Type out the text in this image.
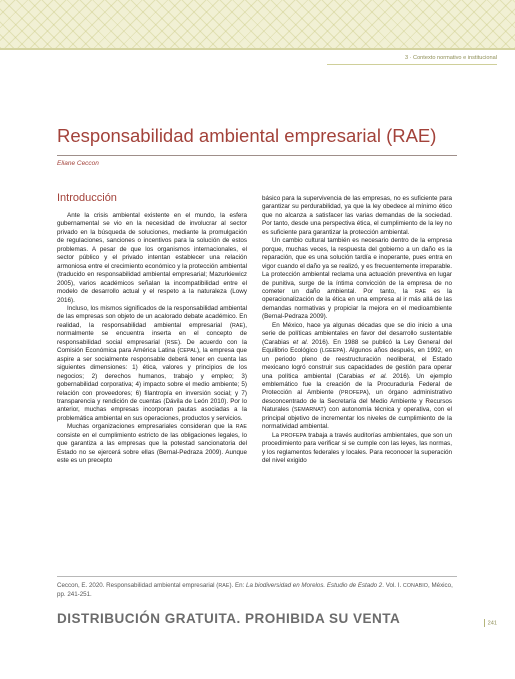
3 · Contexto normativo e institucional
Responsabilidad ambiental empresarial (RAE)
Eliane Ceccon
Introducción

Ante la crisis ambiental existente en el mundo, la esfera gubernamental se vio en la necesidad de involucrar al sector privado en la búsqueda de soluciones, mediante la promulgación de regulaciones, sanciones o incentivos para la solución de estos problemas. A pesar de que los organismos internacionales, el sector público y el privado intentan establecer una relación armoniosa entre el crecimiento económico y la protección ambiental (traducido en responsabilidad ambiental empresarial; Mazurkiewicz 2005), varios académicos señalan la incompatibilidad entre el modelo de desarrollo actual y el respeto a la naturaleza (Lowy 2016).

Incluso, los mismos significados de la responsabilidad ambiental de las empresas son objeto de un acalorado debate académico. En realidad, la responsabilidad ambiental empresarial (RAE), normalmente se encuentra inserta en el concepto de responsabilidad social empresarial (RSE). De acuerdo con la Comisión Económica para América Latina (CEPAL), la empresa que aspire a ser socialmente responsable deberá tener en cuenta las siguientes dimensiones: 1) ética, valores y principios de los negocios; 2) derechos humanos, trabajo y empleo; 3) gobernabilidad corporativa; 4) impacto sobre el medio ambiente; 5) relación con proveedores; 6) filantropía en inversión social; y 7) transparencia y rendición de cuentas (Dávila de León 2010). Por lo anterior, muchas empresas incorporan pautas asociadas a la problemática ambiental en sus operaciones, productos y servicios.

Muchas organizaciones empresariales consideran que la RAE consiste en el cumplimiento estricto de las obligaciones legales, lo que garantiza a las empresas que la potestad sancionatoria del Estado no se ejercerá sobre ellas (Bernal-Pedraza 2009). Aunque este es un precepto

básico para la supervivencia de las empresas, no es suficiente para garantizar su perdurabilidad, ya que la ley obedece al mínimo ético que no alcanza a satisfacer las varias demandas de la sociedad. Por tanto, desde una perspectiva ética, el cumplimiento de la ley no es suficiente para garantizar la protección ambiental.

Un cambio cultural también es necesario dentro de la empresa porque, muchas veces, la respuesta del gobierno a un daño es la reparación, que es una solución tardía e inoperante, pues entra en vigor cuando el daño ya se realizó, y es frecuentemente irreparable. La protección ambiental reclama una actuación preventiva en lugar de punitiva, surge de la íntima convicción de la empresa de no cometer un daño ambiental. Por tanto, la RAE es la operacionalización de la ética en una empresa al ir más allá de las demandas normativas y propiciar la mejora en el medioambiente (Bernal-Pedraza 2009).

En México, hace ya algunas décadas que se dio inicio a una serie de políticas ambientales en favor del desarrollo sustentable (Carabias et al. 2016). En 1988 se publicó la Ley General del Equilibrio Ecológico (LGEEPA). Algunos años después, en 1992, en un periodo pleno de reestructuración neoliberal, el Estado mexicano logró construir sus capacidades de gestión para operar una política ambiental (Carabias et al. 2016). Un ejemplo emblemático fue la creación de la Procuraduría Federal de Protección al Ambiente (PROFEPA), un órgano administrativo desconcentrado de la Secretaría del Medio Ambiente y Recursos Naturales (SEMARNAT) con autonomía técnica y operativa, con el principal objetivo de incrementar los niveles de cumplimiento de la normatividad ambiental.

La PROFEPA trabaja a través auditorías ambientales, que son un procedimiento para verificar si se cumple con las leyes, las normas, y los reglamentos federales y locales. Para reconocer la superación del nivel exigido

Ceccon, E. 2020. Responsabilidad ambiental empresarial (RAE). En: La biodiversidad en Morelos. Estudio de Estado 2. Vol. I. CONABIO, México, pp. 241-251.
DISTRIBUCIÓN GRATUITA. PROHIBIDA SU VENTA	241
